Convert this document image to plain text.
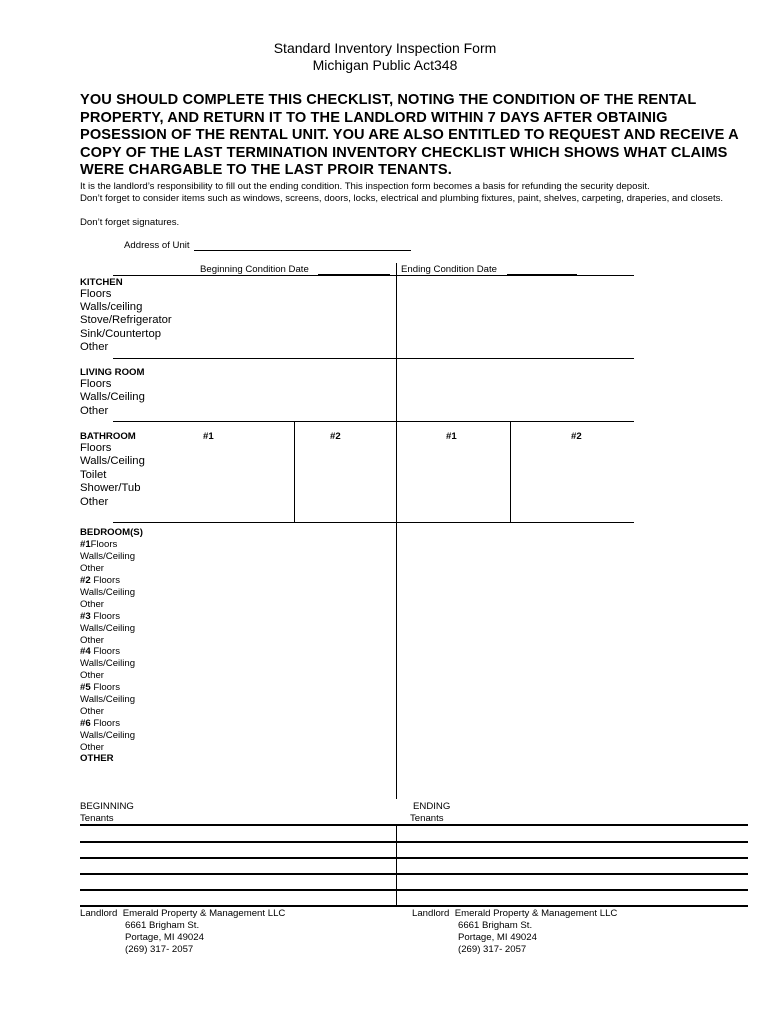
Standard Inventory Inspection Form
Michigan Public Act348
YOU SHOULD COMPLETE THIS CHECKLIST, NOTING THE CONDITION OF THE RENTAL PROPERTY, AND RETURN IT TO THE LANDLORD WITHIN 7 DAYS AFTER OBTAINIG POSESSION OF THE RENTAL UNIT. YOU ARE ALSO ENTITLED TO REQUEST AND RECEIVE A COPY OF THE LAST TERMINATION INVENTORY CHECKLIST WHICH SHOWS WHAT CLAIMS WERE CHARGABLE TO THE LAST PROIR TENANTS.
It is the landlord’s responsibility to fill out the ending condition. This inspection form becomes a basis for refunding the security deposit.
Don’t forget to consider items such as windows, screens, doors, locks, electrical and plumbing fixtures, paint, shelves, carpeting, draperies, and closets.
Don’t forget signatures.
Address of Unit
Beginning Condition Date	Ending Condition Date
KITCHEN
Floors
Walls/ceiling
Stove/Refrigerator
Sink/Countertop
Other
LIVING ROOM
Floors
Walls/Ceiling
Other
BATHROOM	#1	#2	#1	#2
Floors
Walls/Ceiling
Toilet
Shower/Tub
Other
BEDROOM(S)
#1Floors
Walls/Ceiling
Other
#2 Floors
Walls/Ceiling
Other
#3 Floors
Walls/Ceiling
Other
#4 Floors
Walls/Ceiling
Other
#5 Floors
Walls/Ceiling
Other
#6 Floors
Walls/Ceiling
Other
OTHER
BEGINNING
Tenants
ENDING
Tenants
Landlord Emerald Property & Management LLC
6661 Brigham St.
Portage, MI 49024
(269) 317- 2057
Landlord Emerald Property & Management LLC
6661 Brigham St.
Portage, MI 49024
(269) 317- 2057
